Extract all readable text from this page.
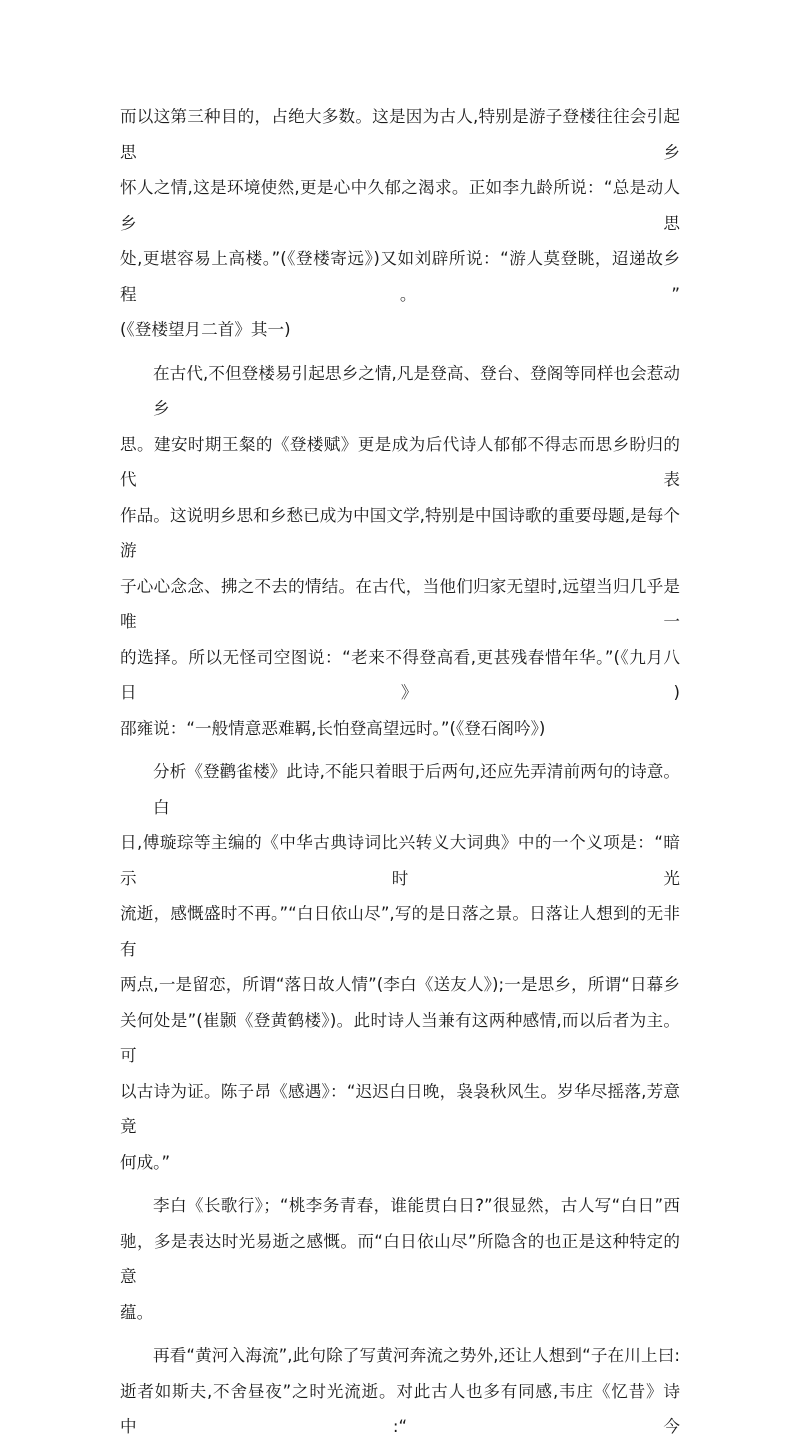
而以这第三种目的，占绝大多数。这是因为古人,特别是游子登楼往往会引起思乡
怀人之情,这是环境使然,更是心中久郁之渴求。正如李九龄所说：“总是动人乡思
处,更堪容易上高楼。”(《登楼寄远》)又如刘辟所说：“游人莫登眺，迢递故乡程。”
(《登楼望月二首》其一)

在古代,不但登楼易引起思乡之情,凡是登高、登台、登阁等同样也会惹动乡
思。建安时期王粲的《登楼赋》更是成为后代诗人郁郁不得志而思乡盼归的代表
作品。这说明乡思和乡愁已成为中国文学,特别是中国诗歌的重要母题,是每个游
子心心念念、拂之不去的情结。在古代，当他们归家无望时,远望当归几乎是唯一
的选择。所以无怪司空图说：“老来不得登高看,更甚残春惜年华。”(《九月八日》)
邵雍说：“一般情意恶难羁,长怕登高望远时。”(《登石阁吟》)

分析《登鹳雀楼》此诗,不能只着眼于后两句,还应先弄清前两句的诗意。白
日,傅璇琮等主编的《中华古典诗词比兴转义大词典》中的一个义项是：“暗示时光
流逝，感慨盛时不再。”“白日依山尽”,写的是日落之景。日落让人想到的无非有
两点,一是留恋，所谓“落日故人情”(李白《送友人》);一是思乡，所谓“日幕乡
关何处是”(崔颢《登黄鹤楼》)。此时诗人当兼有这两种感情,而以后者为主。可
以古诗为证。陈子昂《感遇》：“迟迟白日晚，袅袅秋风生。岁华尽摇落,芳意竟
何成。”

李白《长歌行》；“桃李务青春，谁能贯白日?”很显然，古人写“白日”西
驰，多是表达时光易逝之感慨。而“白日依山尽”所隐含的也正是这种特定的意
蕴。

再看“黄河入海流”,此句除了写黄河奔流之势外,还让人想到“子在川上曰:
逝者如斯夫,不舍昼夜”之时光流逝。对此古人也多有同感,韦庄《忆昔》诗中:“今
